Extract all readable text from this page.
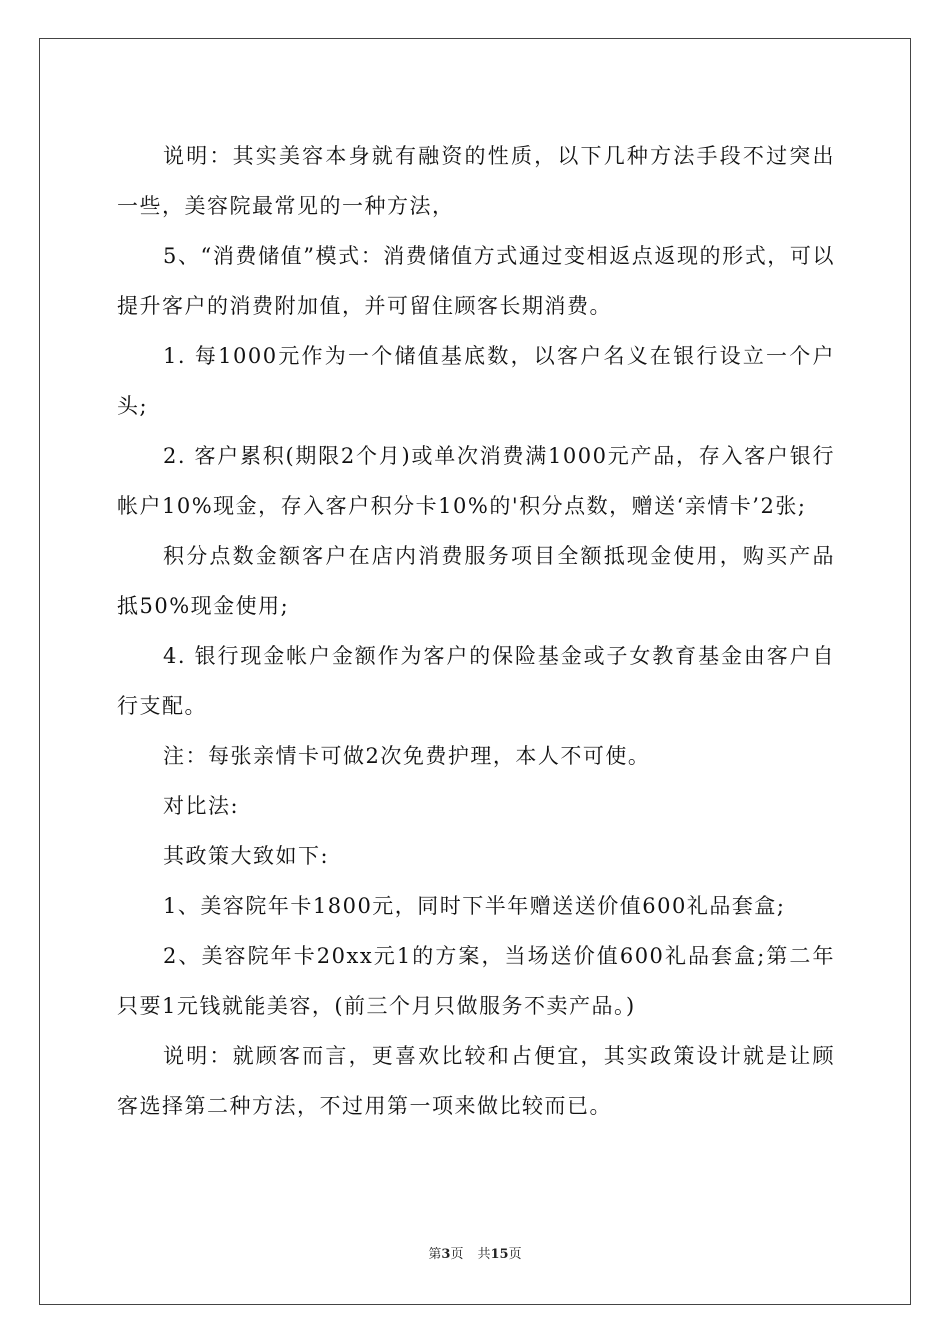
说明：其实美容本身就有融资的性质，以下几种方法手段不过突出一些，美容院最常见的一种方法，

5、“消费储值”模式：消费储值方式通过变相返点返现的形式，可以提升客户的消费附加值，并可留住顾客长期消费。

1. 每1000元作为一个储值基底数，以客户名义在银行设立一个户头;

2. 客户累积(期限2个月)或单次消费满1000元产品，存入客户银行帐户10%现金，存入客户积分卡10%的'积分点数，赠送‘亲情卡’2张;

积分点数金额客户在店内消费服务项目全额抵现金使用，购买产品抵50%现金使用;

4. 银行现金帐户金额作为客户的保险基金或子女教育基金由客户自行支配。

注：每张亲情卡可做2次免费护理，本人不可使。

对比法:

其政策大致如下:

1、美容院年卡1800元，同时下半年赠送送价值600礼品套盒;

2、美容院年卡20xx元1的方案，当场送价值600礼品套盒;第二年只要1元钱就能美容，(前三个月只做服务不卖产品。)

说明：就顾客而言，更喜欢比较和占便宜，其实政策设计就是让顾客选择第二种方法，不过用第一项来做比较而已。

第3页 共15页
